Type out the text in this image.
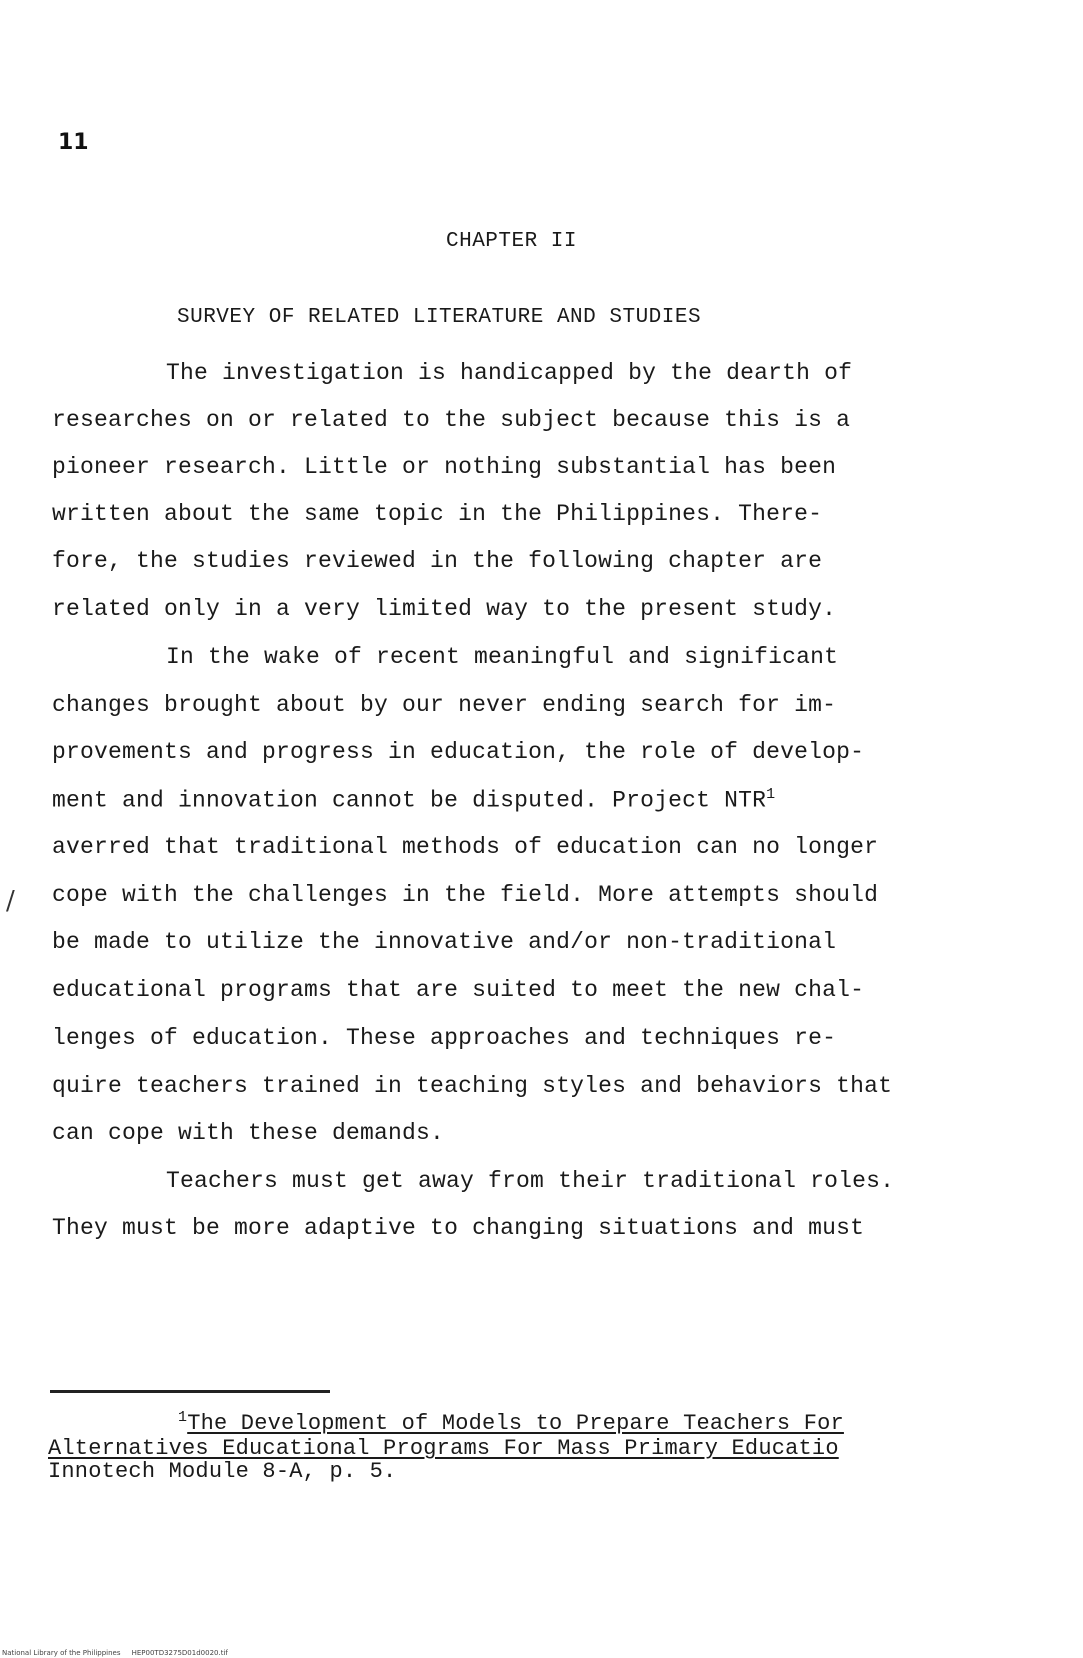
11
CHAPTER II
SURVEY OF RELATED LITERATURE AND STUDIES
The investigation is handicapped by the dearth of
researches on or related to the subject because this is a
pioneer research. Little or nothing substantial has been
written about the same topic in the Philippines. There-
fore, the studies reviewed in the following chapter are
related only in a very limited way to the present study.
In the wake of recent meaningful and significant
changes brought about by our never ending search for im-
provements and progress in education, the role of develop-
ment and innovation cannot be disputed. Project NTR$^1$
averred that traditional methods of education can no longer
cope with the challenges in the field. More attempts should
be made to utilize the innovative and/or non-traditional
educational programs that are suited to meet the new chal-
lenges of education. These approaches and techniques re-
quire teachers trained in teaching styles and behaviors that
can cope with these demands.
Teachers must get away from their traditional roles.
They must be more adaptive to changing situations and must
/
$^1$The Development of Models to Prepare Teachers For
Alternatives Educational Programs For Mass Primary Educatio
Innotech Module 8-A, p. 5.
National Library of the Philippines     HEP00TD3275D01d0020.tif
